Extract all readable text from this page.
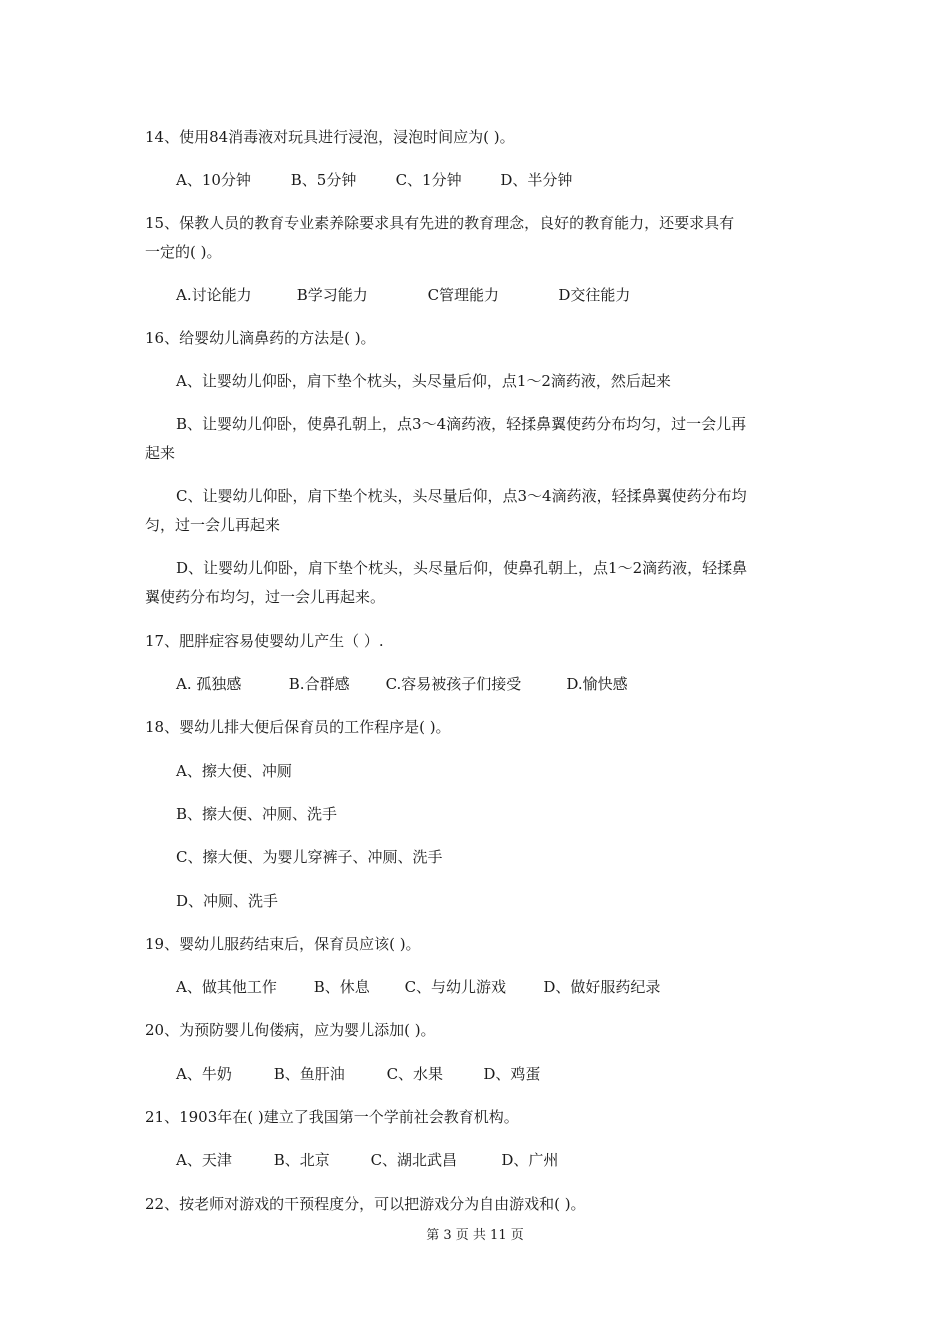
14、使用84消毒液对玩具进行浸泡，浸泡时间应为( )。
A、10分钟	B、5分钟	C、1分钟	D、半分钟
15、保教人员的教育专业素养除要求具有先进的教育理念，良好的教育能力，还要求具有
一定的( )。
A.讨论能力	B学习能力	C管理能力	D交往能力
16、给婴幼儿滴鼻药的方法是( )。
A、让婴幼儿仰卧，肩下垫个枕头，头尽量后仰，点1～2滴药液，然后起来
B、让婴幼儿仰卧，使鼻孔朝上，点3～4滴药液，轻揉鼻翼使药分布均匀，过一会儿再
起来
C、让婴幼儿仰卧，肩下垫个枕头，头尽量后仰，点3～4滴药液，轻揉鼻翼使药分布均
匀，过一会儿再起来
D、让婴幼儿仰卧，肩下垫个枕头，头尽量后仰，使鼻孔朝上，点1～2滴药液，轻揉鼻
翼使药分布均匀，过一会儿再起来。
17、肥胖症容易使婴幼儿产生（ ）.
A. 孤独感	B.合群感 C.容易被孩子们接受	D.愉快感
18、婴幼儿排大便后保育员的工作程序是( )。
A、擦大便、冲厕
B、擦大便、冲厕、洗手
C、擦大便、为婴儿穿裤子、冲厕、洗手
D、冲厕、洗手
19、婴幼儿服药结束后，保育员应该( )。
A、做其他工作 B、休息 C、与幼儿游戏 D、做好服药纪录
20、为预防婴儿佝偻病，应为婴儿添加( )。
A、牛奶	B、鱼肝油	C、水果	D、鸡蛋
21、1903年在( )建立了我国第一个学前社会教育机构。
A、天津	B、北京	C、湖北武昌	D、广州
22、按老师对游戏的干预程度分，可以把游戏分为自由游戏和( )。
第 3 页 共 11 页
